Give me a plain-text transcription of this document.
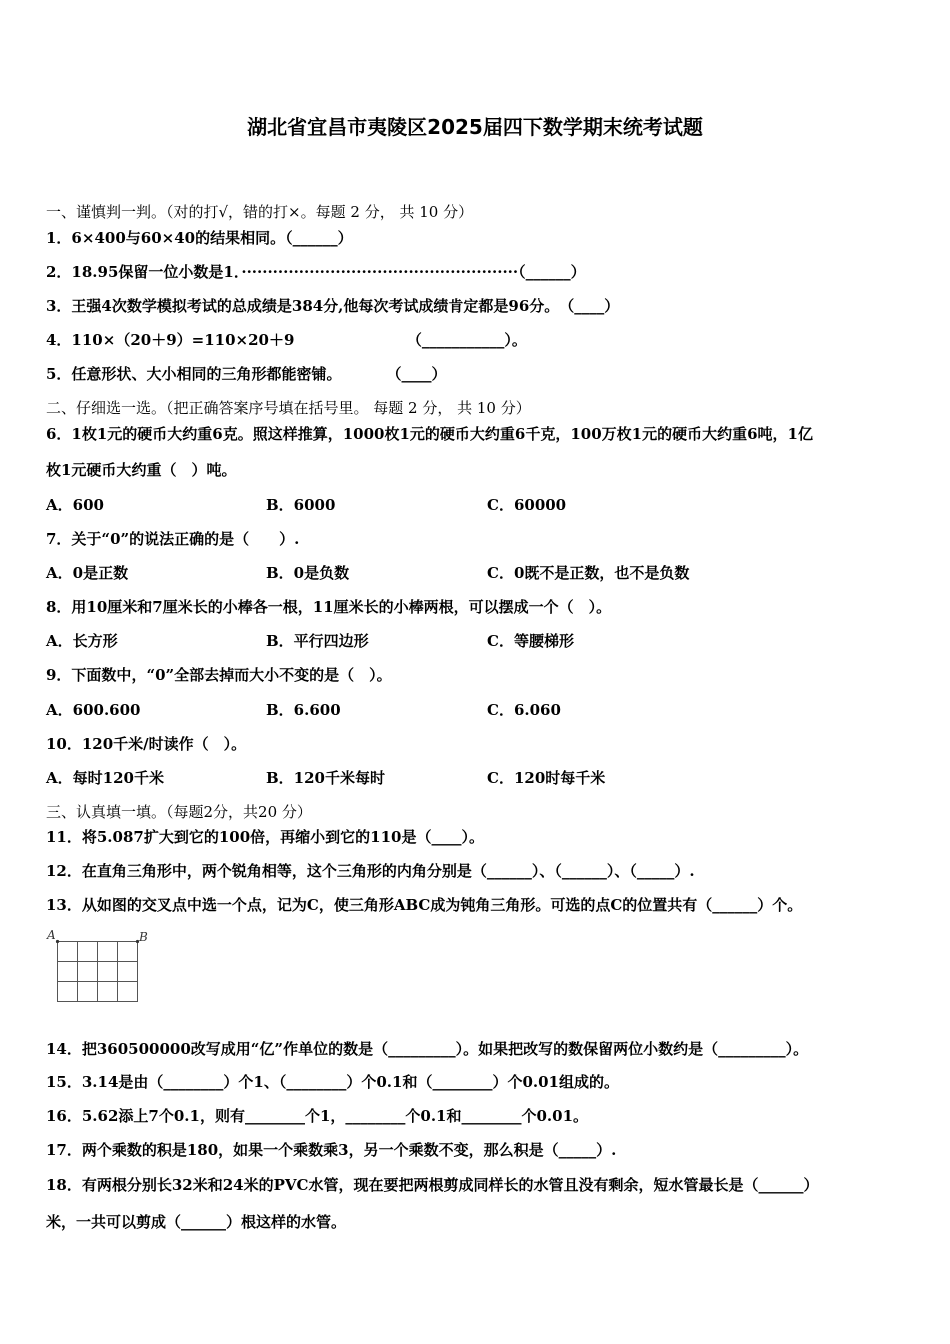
湖北省宜昌市夷陵区2025届四下数学期末统考试题
一、谨慎判一判。（对的打√，错的打×。每题 2 分， 共 10 分）
1．6×400与60×40的结果相同。（______）
2．18.95保留一位小数是1．·····················································（______）
3．王强4次数学模拟考试的总成绩是384分,他每次考试成绩肯定都是96分。　（____）
4．110×（20＋9）=110×20＋9　　　　　　　　（___________）。
5．任意形状、大小相同的三角形都能密铺。　　　　（____）
二、仔细选一选。（把正确答案序号填在括号里。 每题 2 分， 共 10 分）
6．1枚1元的硬币大约重6克。照这样推算，1000枚1元的硬币大约重6千克，100万枚1元的硬币大约重6吨，1亿
枚1元硬币大约重（　）吨。
A．600	B．6000	C．60000
7．关于“0”的说法正确的是（　　）.
A．0是正数	B．0是负数	C．0既不是正数，也不是负数
8．用10厘米和7厘米长的小棒各一根，11厘米长的小棒两根，可以摆成一个（　）。
A．长方形	B．平行四边形	C．等腰梯形
9．下面数中，“0”全部去掉而大小不变的是（　）。
A．600.600	B．6.600	C．6.060
10．120千米/时读作（　）。
A．每时120千米	B．120千米每时	C．120时每千米
三、认真填一填。（每题2分，共20 分）
11．将5.087扩大到它的100倍，再缩小到它的110是（____）。
12．在直角三角形中，两个锐角相等，这个三角形的内角分别是（______）、（______）、（_____）.
13．从如图的交叉点中选一个点，记为C，使三角形ABC成为钝角三角形。可选的点C的位置共有（______）个。
A	B
14．把360500000改写成用“亿”作单位的数是（_________）。如果把改写的数保留两位小数约是（_________）。
15．3.14是由（________）个1、（________）个0.1和（________）个0.01组成的。
16．5.62添上7个0.1，则有________个1，________个0.1和________个0.01。
17．两个乘数的积是180，如果一个乘数乘3，另一个乘数不变，那么积是（_____）.
18．有两根分别长32米和24米的PVC水管，现在要把两根剪成同样长的水管且没有剩余，短水管最长是（______）
米，一共可以剪成（______）根这样的水管。
